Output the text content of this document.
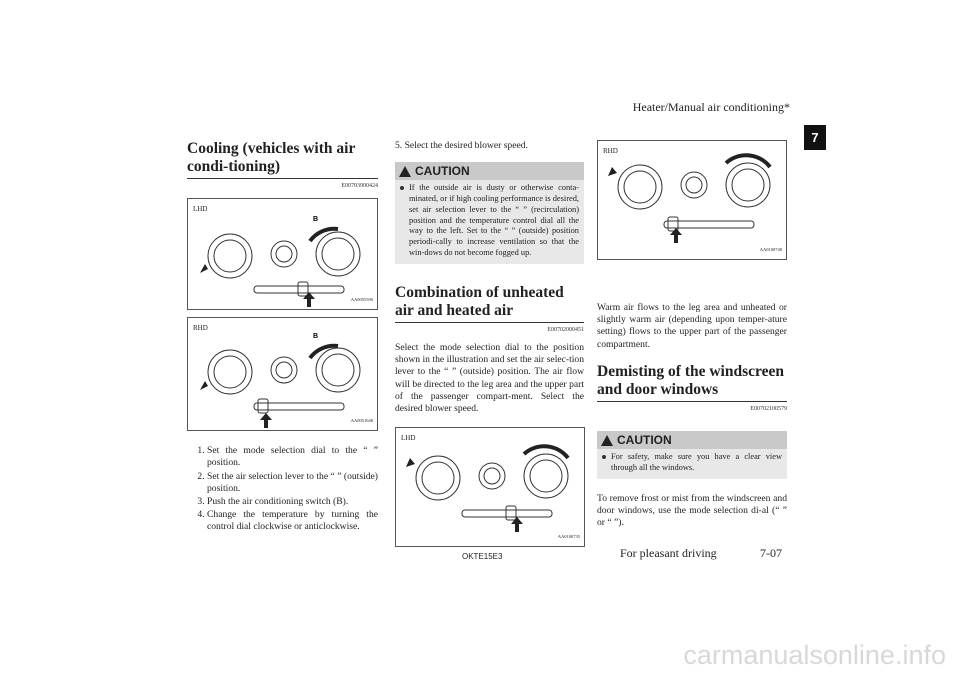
Heater/Manual air conditioning*
7
Cooling (vehicles with air condi-tioning)
E00703900424
LHD
B
AA0055590
RHD
B
AA0051648
1. Set the mode selection dial to the “ ” position.
2. Set the air selection lever to the “ ” (outside) position.
3. Push the air conditioning switch (B).
4. Change the temperature by turning the control dial clockwise or anticlockwise.

5. Select the desired blower speed.

CAUTION
If the outside air is dusty or otherwise conta-minated, or if high cooling performance is desired, set air selection lever to the “ ” (recirculation) position and the temperature control dial all the way to the left. Set to the “ ” (outside) position periodi-cally to increase ventilation so that the win-dows do not become fogged up.
Combination of unheated air and heated air
E00702000451

Select the mode selection dial to the position shown in the illustration and set the air selec-tion lever to the “ ” (outside) position. The air flow will be directed to the leg area and the upper part of the passenger compart-ment. Select the desired blower speed.

LHD
AA0100735
RHD
AA0100748

Warm air flows to the leg area and unheated or slightly warm air (depending upon temper-ature setting) flows to the upper part of the passenger compartment.

Demisting of the windscreen and door windows
E00702100579
CAUTION
For safety, make sure you have a clear view through all the windows.

To remove frost or mist from the windscreen and door windows, use the mode selection di-al (“ ” or “ ”).

OKTE15E3	For pleasant driving	7-07
carmanualsonline.info
